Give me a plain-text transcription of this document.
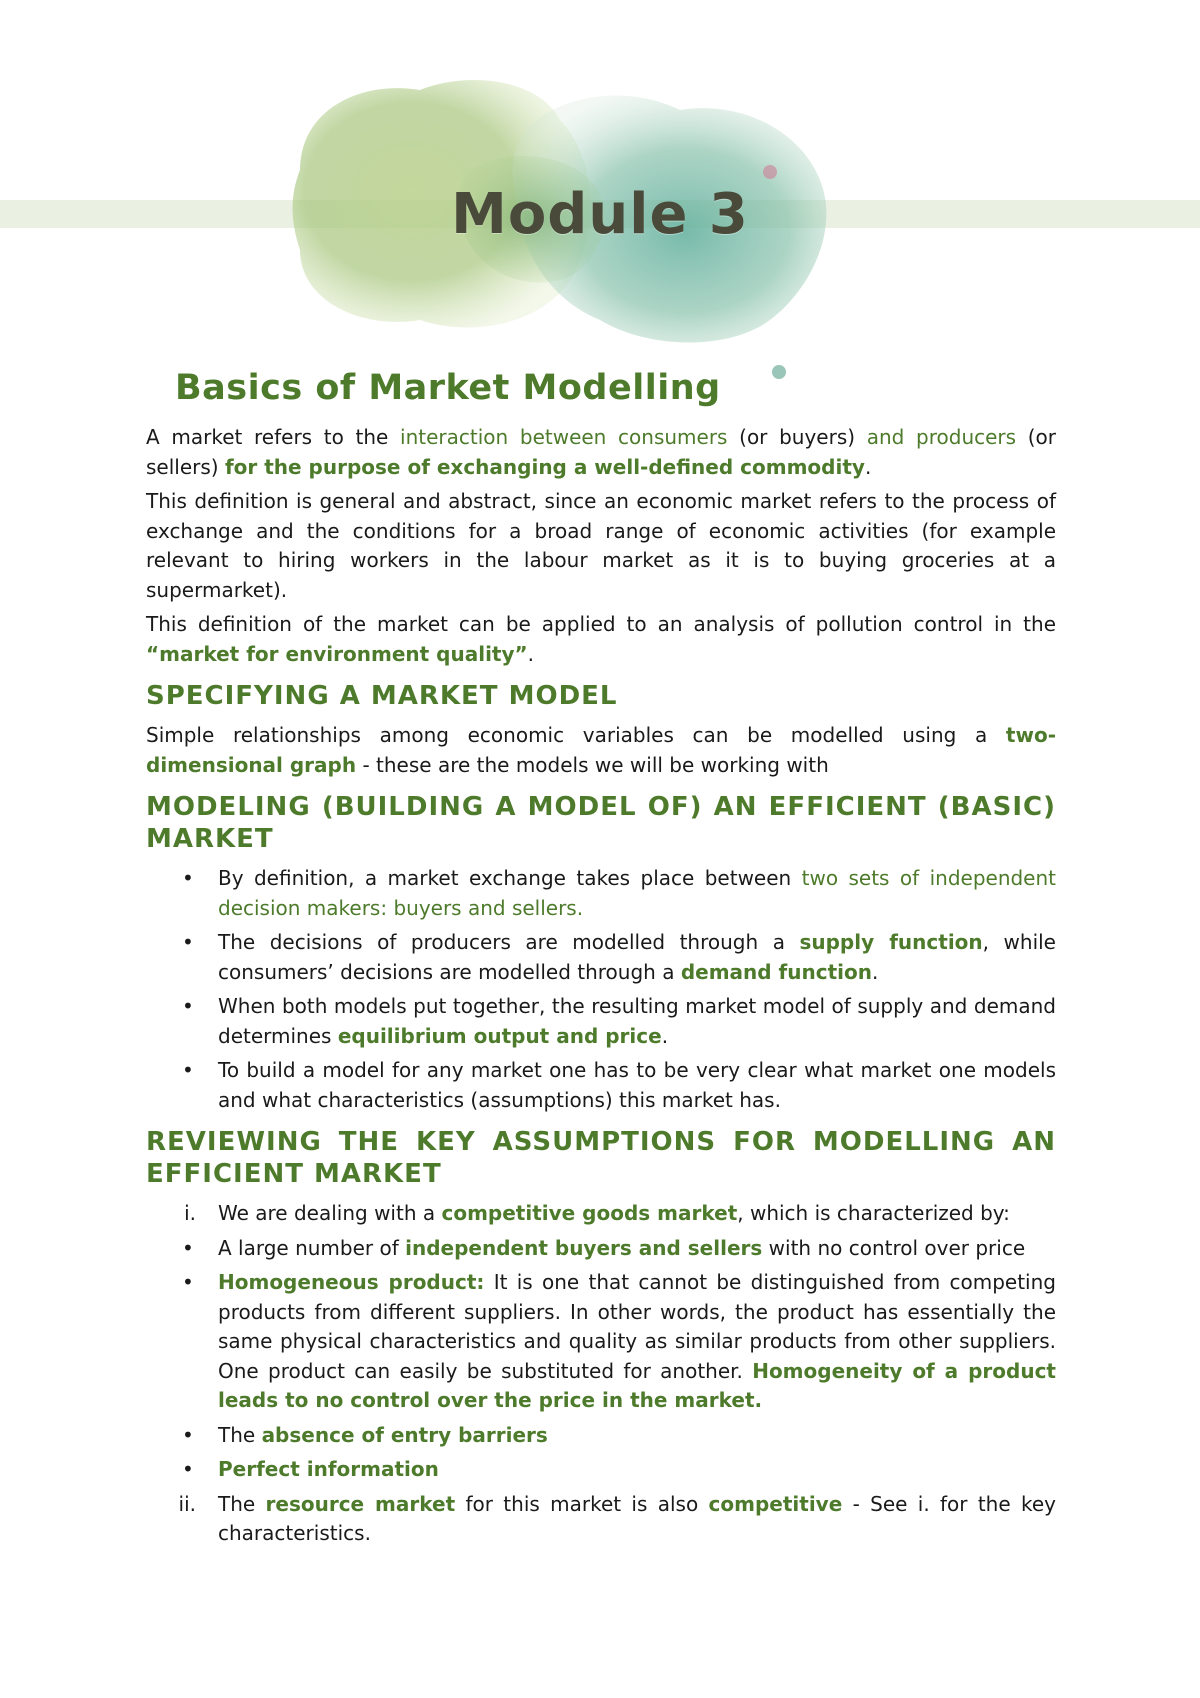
Module 3
Basics of Market Modelling

A market refers to the interaction between consumers (or buyers) and producers (or sellers) for the purpose of exchanging a well-defined commodity.

This definition is general and abstract, since an economic market refers to the process of exchange and the conditions for a broad range of economic activities (for example relevant to hiring workers in the labour market as it is to buying groceries at a supermarket).

This definition of the market can be applied to an analysis of pollution control in the “market for environment quality”.

SPECIFYING A MARKET MODEL

Simple relationships among economic variables can be modelled using a two-dimensional graph - these are the models we will be working with

MODELING (BUILDING A MODEL OF) AN EFFICIENT (BASIC) MARKET
• By definition, a market exchange takes place between two sets of independent decision makers: buyers and sellers.
• The decisions of producers are modelled through a supply function, while consumers’ decisions are modelled through a demand function.
• When both models put together, the resulting market model of supply and demand determines equilibrium output and price.
• To build a model for any market one has to be very clear what market one models and what characteristics (assumptions) this market has.
REVIEWING THE KEY ASSUMPTIONS FOR MODELLING AN EFFICIENT MARKET
i. We are dealing with a competitive goods market, which is characterized by:
• A large number of independent buyers and sellers with no control over price
• Homogeneous product: It is one that cannot be distinguished from competing products from different suppliers. In other words, the product has essentially the same physical characteristics and quality as similar products from other suppliers. One product can easily be substituted for another. Homogeneity of a product leads to no control over the price in the market.
• The absence of entry barriers
• Perfect information
ii. The resource market for this market is also competitive - See i. for the key characteristics.
